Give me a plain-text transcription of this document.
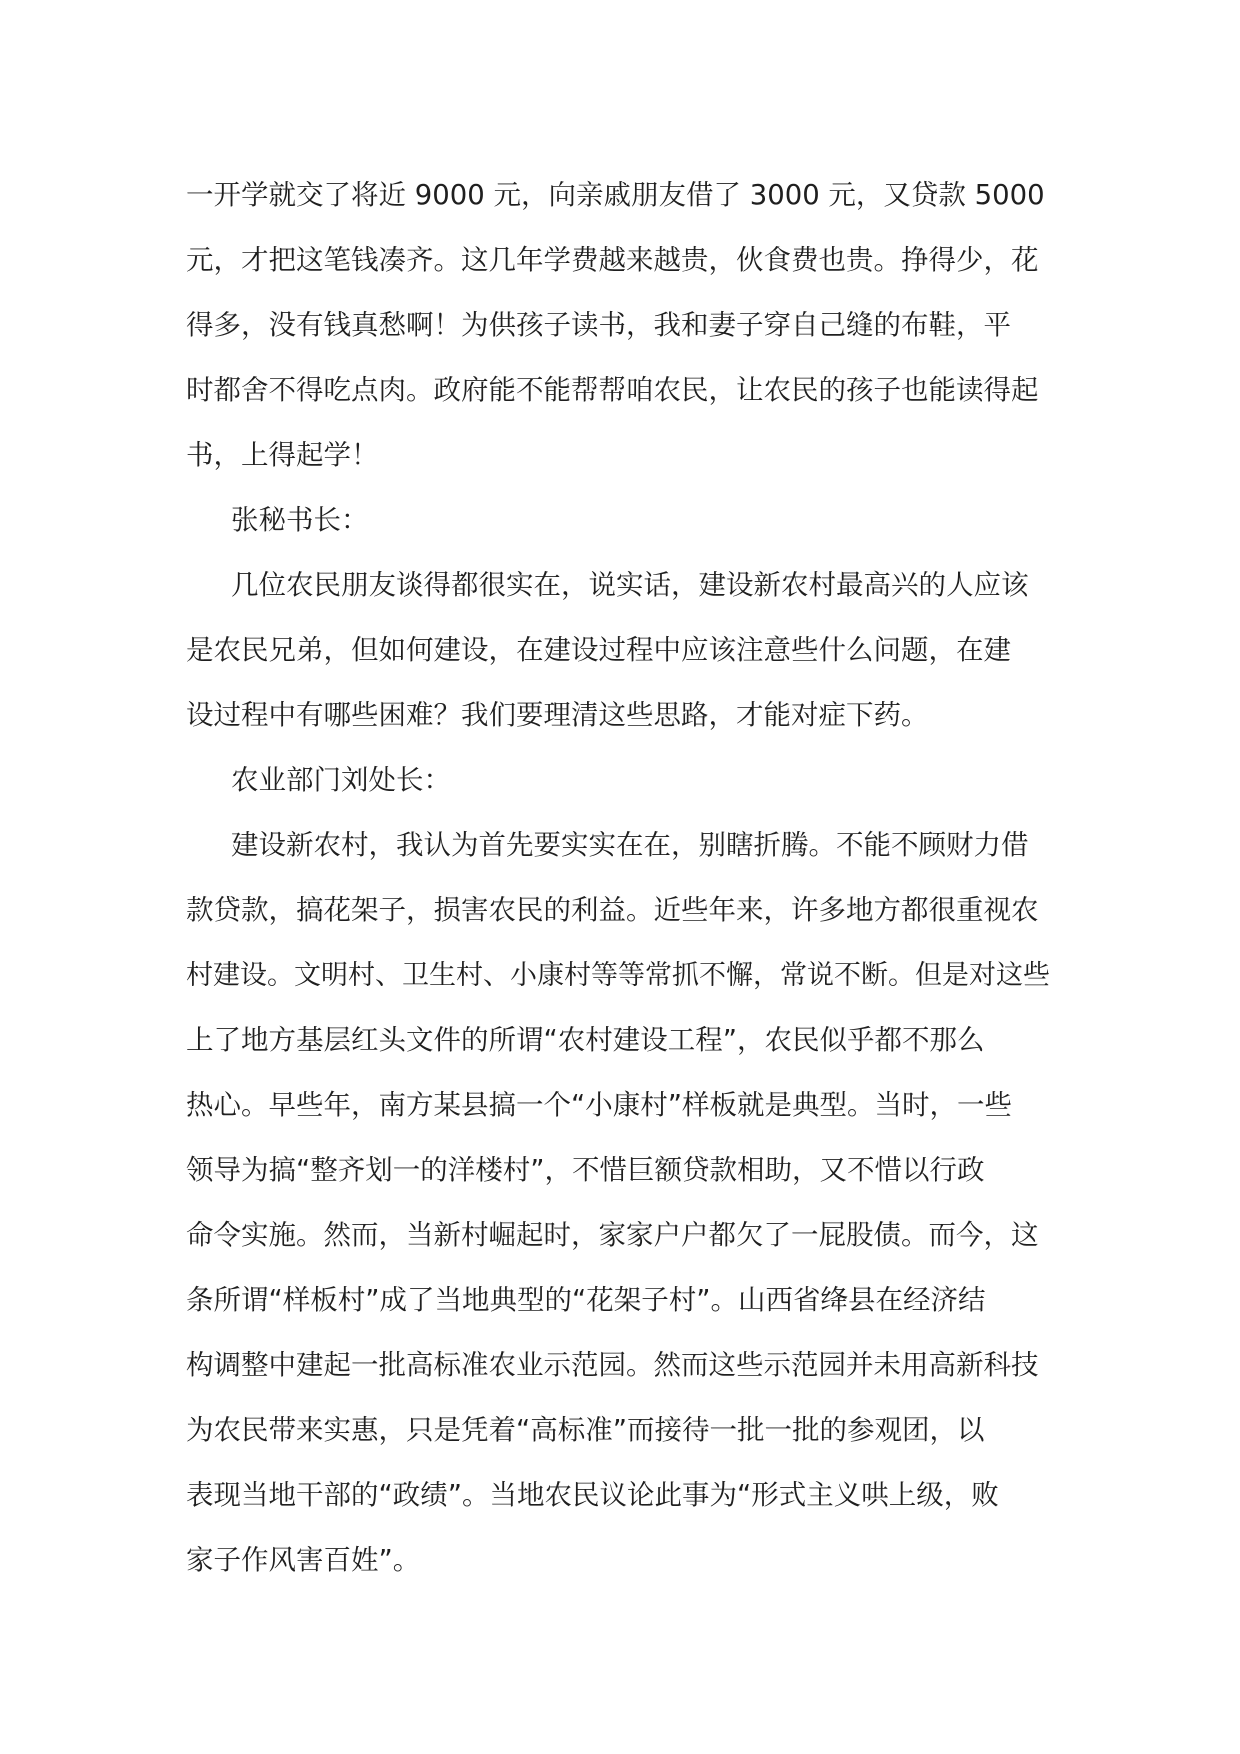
一开学就交了将近 9000 元，向亲戚朋友借了 3000 元，又贷款 5000
元，才把这笔钱凑齐。这几年学费越来越贵，伙食费也贵。挣得少，花
得多，没有钱真愁啊！为供孩子读书，我和妻子穿自己缝的布鞋，平
时都舍不得吃点肉。政府能不能帮帮咱农民，让农民的孩子也能读得起
书，上得起学！
张秘书长：
几位农民朋友谈得都很实在，说实话，建设新农村最高兴的人应该
是农民兄弟，但如何建设，在建设过程中应该注意些什么问题，在建
设过程中有哪些困难？我们要理清这些思路，才能对症下药。
农业部门刘处长：
建设新农村，我认为首先要实实在在，别瞎折腾。不能不顾财力借
款贷款，搞花架子，损害农民的利益。近些年来，许多地方都很重视农
村建设。文明村、卫生村、小康村等等常抓不懈，常说不断。但是对这些
上了地方基层红头文件的所谓“农村建设工程”，农民似乎都不那么
热心。早些年，南方某县搞一个“小康村”样板就是典型。当时，一些
领导为搞“整齐划一的洋楼村”，不惜巨额贷款相助，又不惜以行政
命令实施。然而，当新村崛起时，家家户户都欠了一屁股债。而今，这
条所谓“样板村”成了当地典型的“花架子村”。山西省绛县在经济结
构调整中建起一批高标准农业示范园。然而这些示范园并未用高新科技
为农民带来实惠，只是凭着“高标准”而接待一批一批的参观团，以
表现当地干部的“政绩”。当地农民议论此事为“形式主义哄上级，败
家子作风害百姓”。
